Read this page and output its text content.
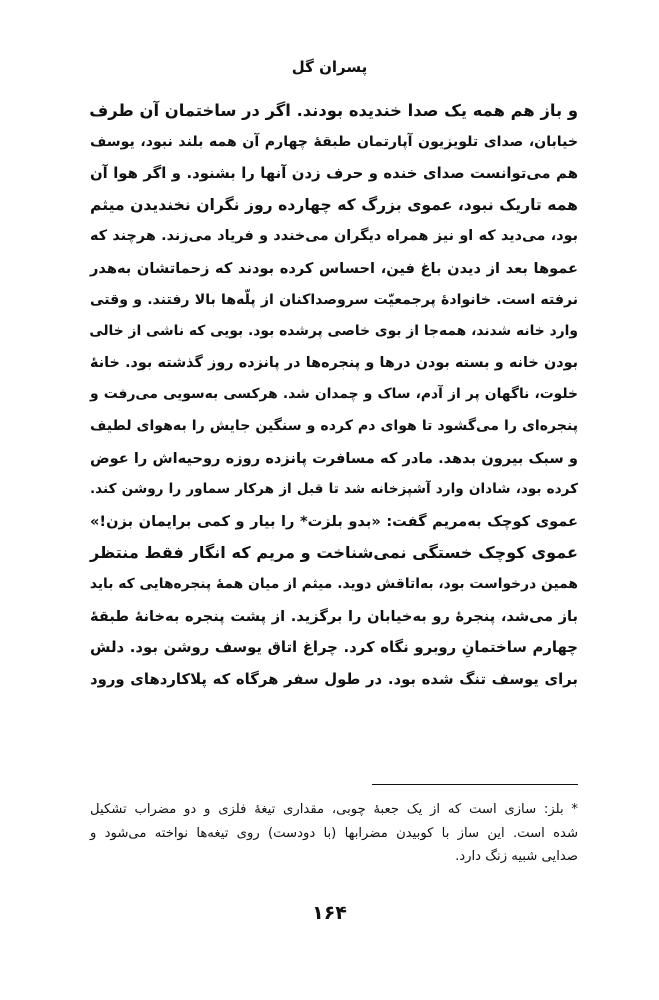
پسران گل
و باز هم همه یک صدا خندیده بودند. اگر در ساختمان آن طرف
خیابان، صدای تلویزیون آپارتمان طبقهٔ چهارم آن همه بلند نبود، یوسف
هم می‌توانست صدای خنده و حرف زدن آنها را بشنود. و اگر هوا آن
همه تاریک نبود، عموی بزرگ که چهارده روز نگران نخندیدن میثم
بود، می‌دید که او نیز همراه دیگران می‌خندد و فریاد می‌زند. هرچند که
عموها بعد از دیدن باغ فین، احساس کرده بودند که زحماتشان به‌هدر
نرفته است. خانوادهٔ پرجمعیّت سروصداکنان از پلّه‌ها بالا رفتند. و وقتی
وارد خانه شدند، همه‌جا از بوی خاصی پرشده بود. بویی که ناشی از خالی
بودن خانه و بسته بودن درها و پنجره‌ها در پانزده روز گذشته بود. خانهٔ
خلوت، ناگهان پر از آدم، ساک و چمدان شد. هرکسی به‌سویی می‌رفت و
پنجره‌ای را می‌گشود تا هوای دم کرده و سنگین جایش را به‌هوای لطیف
و سبک بیرون بدهد. مادر که مسافرت پانزده روزه روحیه‌اش را عوض
کرده بود، شادان وارد آشپزخانه شد تا قبل از هرکار سماور را روشن کند.
عموی کوچک به‌مریم گفت: «بدو بلزت* را بیار و کمی برایمان بزن!»
عموی کوچک خستگی نمی‌شناخت و مریم که انگار فقط منتظر
همین درخواست بود، به‌اتاقش دوید. میثم از میان همهٔ پنجره‌هایی که باید
باز می‌شد، پنجرهٔ رو به‌خیابان را برگزید. از پشت پنجره به‌خانهٔ طبقهٔ
چهارم ساختمانِ روبرو نگاه کرد. چراغ اتاق یوسف روشن بود. دلش
برای یوسف تنگ شده بود. در طول سفر هرگاه که پلاکاردهای ورود
* بلز: سازی است که از یک جعبهٔ چوبی، مقداری تیغهٔ فلزی و دو مضراب تشکیل
شده است. این ساز با کوبیدن مضرابها (با دودست) روی تیغه‌ها نواخته می‌شود و
صدایی شبیه زنگ دارد.
۱۶۴
